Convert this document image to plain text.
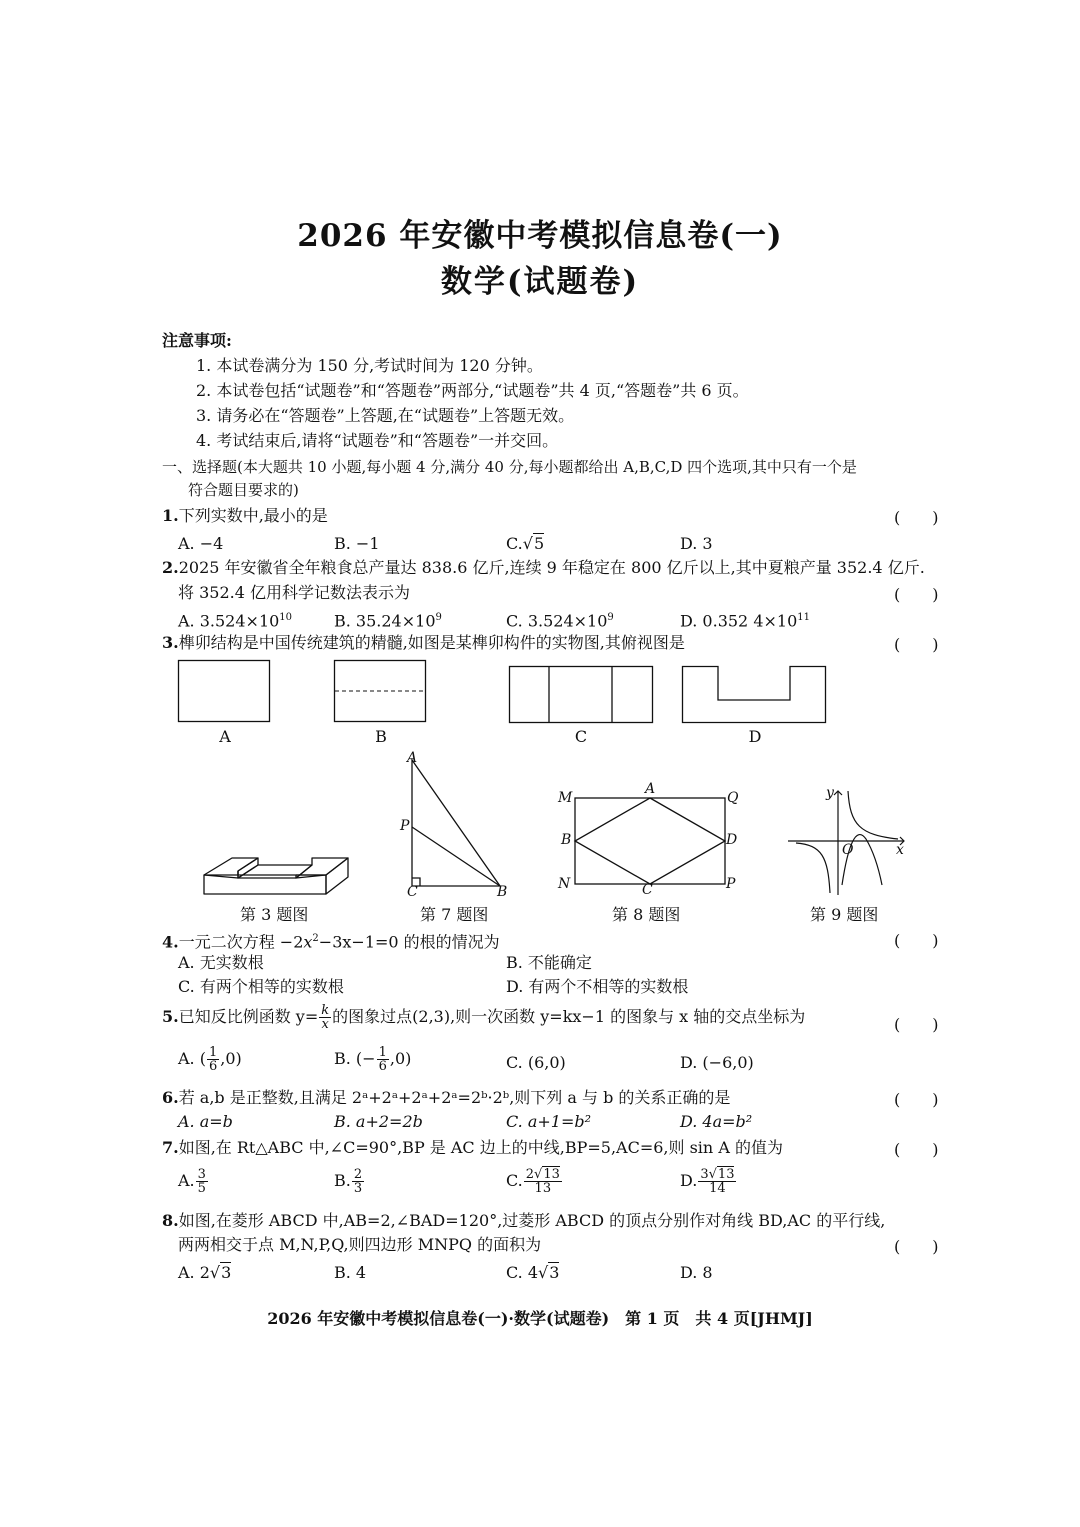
2026 年安徽中考模拟信息卷(一)
数学(试题卷)
注意事项:
1. 本试卷满分为 150 分,考试时间为 120 分钟。
2. 本试卷包括“试题卷”和“答题卷”两部分,“试题卷”共 4 页,“答题卷”共 6 页。
3. 请务必在“答题卷”上答题,在“试题卷”上答题无效。
4. 考试结束后,请将“试题卷”和“答题卷”一并交回。
一、选择题(本大题共 10 小题,每小题 4 分,满分 40 分,每小题都给出 A,B,C,D 四个选项,其中只有一个是
符合题目要求的)
1.下列实数中,最小的是	(　　)
A. −4	B. −1	C.√5	D. 3
2.2025 年安徽省全年粮食总产量达 838.6 亿斤,连续 9 年稳定在 800 亿斤以上,其中夏粮产量 352.4 亿斤.
将 352.4 亿用科学记数法表示为	(　　)
A. $3.524\times 10^{10}$	B. $35.24\times 10^9$	C. $3.524\times 10^9$	D. 0.352 $4\times 10^{11}$
3.榫卯结构是中国传统建筑的精髓,如图是某榫卯构件的实物图,其俯视图是	(　　)
A	B	C	D
A
P
C	B
M
A
Q
B	D
N	C	P
y
O	x
第 3 题图	第 7 题图	第 8 题图	第 9 题图
4.一元二次方程 $-2x^2-3x-1=0$ 的根的情况为	(　　)
A. 无实数根	B. 不能确定
C. 有两个相等的实数根	D. 有两个不相等的实数根
5.已知反比例函数 $y= \frac{k}{x}$ 的图象过点(2,3),则一次函数 y=kx−1 的图象与 x 轴的交点坐标为	(　　)
A. ( $\frac{1}{6} ,0$)	B. (− $\frac{1}{6} ,0$)	C. (6,0)	D. (−6,0)
6.若 a,b 是正整数,且满足 2ᵃ+2ᵃ+2ᵃ+2ᵃ=2ᵇ·2ᵇ,则下列 a 与 b 的关系正确的是	(　　)
A. a=b	B. a+2=2b	C. a+1=b²	D. 4a=b²
7.如图,在 Rt△ABC 中,∠C=90°,BP 是 AC 边上的中线,BP=5,AC=6,则 sin A 的值为	(　　)
A. $\frac{3}{5}$	B. $\frac{2}{3}$	C. $\frac{2√13}{13}$	D. $\frac{3√13}{14}$
8.如图,在菱形 ABCD 中,AB=2,∠BAD=120°,过菱形 ABCD 的顶点分别作对角线 BD,AC 的平行线,
两两相交于点 M,N,P,Q,则四边形 MNPQ 的面积为	(　　)
A. 2√3	B. 4	C. 4√3	D. 8
2026 年安徽中考模拟信息卷(一)·数学(试题卷)　第 1 页　共 4 页[JHMJ]
